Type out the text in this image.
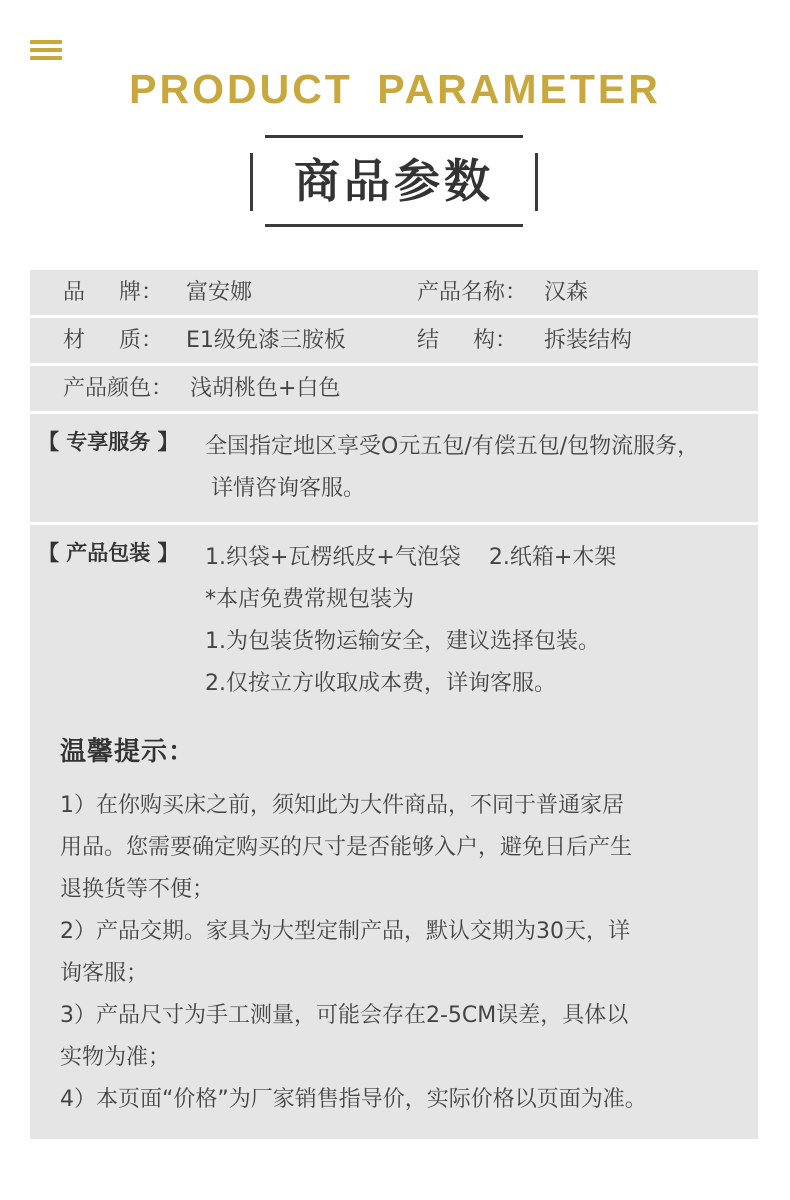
PRODUCT PARAMETER
商品参数
品 牌： 富安娜	产品名称： 汉森
材 质： E1级免漆三胺板	结 构： 拆装结构
产品颜色： 浅胡桃色+白色
【 专享服务 】 全国指定地区享受O元五包/有偿五包/包物流服务，
详情咨询客服。
【 产品包装 】 1.织袋+瓦楞纸皮+气泡袋    2.纸箱+木架
*本店免费常规包装为
1.为包装货物运输安全，建议选择包装。
2.仅按立方收取成本费，详询客服。
温馨提示：

1）在你购买床之前，须知此为大件商品，不同于普通家居

用品。您需要确定购买的尺寸是否能够入户，避免日后产生

退换货等不便；

2）产品交期。家具为大型定制产品，默认交期为30天，详

询客服；

3）产品尺寸为手工测量，可能会存在2-5CM误差，具体以

实物为准；

4）本页面“价格”为厂家销售指导价，实际价格以页面为准。
